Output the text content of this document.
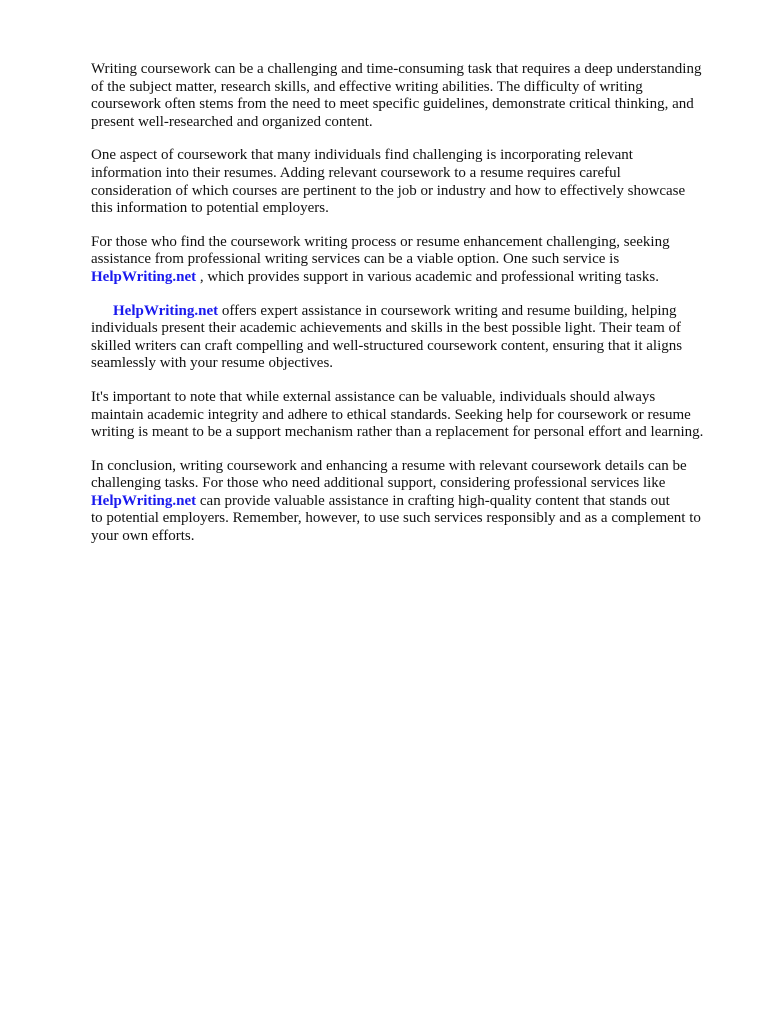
Writing coursework can be a challenging and time-consuming task that requires a deep understanding
of the subject matter, research skills, and effective writing abilities. The difficulty of writing
coursework often stems from the need to meet specific guidelines, demonstrate critical thinking, and
present well-researched and organized content.

One aspect of coursework that many individuals find challenging is incorporating relevant
information into their resumes. Adding relevant coursework to a resume requires careful
consideration of which courses are pertinent to the job or industry and how to effectively showcase
this information to potential employers.

For those who find the coursework writing process or resume enhancement challenging, seeking
assistance from professional writing services can be a viable option. One such service is
HelpWriting.net , which provides support in various academic and professional writing tasks.

HelpWriting.net offers expert assistance in coursework writing and resume building, helping
individuals present their academic achievements and skills in the best possible light. Their team of
skilled writers can craft compelling and well-structured coursework content, ensuring that it aligns
seamlessly with your resume objectives.

It's important to note that while external assistance can be valuable, individuals should always
maintain academic integrity and adhere to ethical standards. Seeking help for coursework or resume
writing is meant to be a support mechanism rather than a replacement for personal effort and learning.

In conclusion, writing coursework and enhancing a resume with relevant coursework details can be
challenging tasks. For those who need additional support, considering professional services like
HelpWriting.net can provide valuable assistance in crafting high-quality content that stands out
to potential employers. Remember, however, to use such services responsibly and as a complement to
your own efforts.
